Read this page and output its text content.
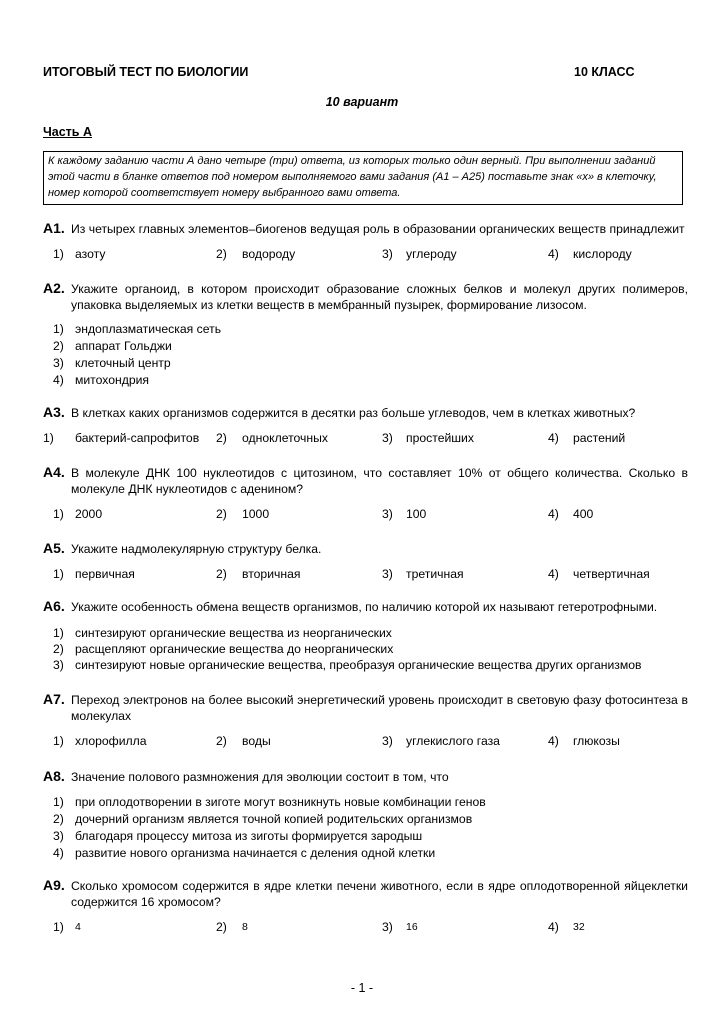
ИТОГОВЫЙ ТЕСТ ПО БИОЛОГИИ	10 КЛАСС
10 вариант
Часть А
К каждому заданию части А дано четыре (три) ответа, из которых только один верный. При выполнении заданий
этой части в бланке ответов под номером выполняемого вами задания (А1 – А25) поставьте знак «x» в клеточку,
номер которой соответствует номеру выбранного вами ответа.
А1. Из четырех главных элементов–биогенов ведущая роль в образовании органических веществ принадлежит
1) азоту	2) водороду	3) углероду	4) кислороду
А2. Укажите органоид, в котором происходит образование сложных белков и молекул других полимеров,
упаковка выделяемых из клетки веществ в мембранный пузырек, формирование лизосом.
1) эндоплазматическая сеть
2) аппарат Гольджи
3) клеточный центр
4) митохондрия
А3. В клетках каких организмов содержится в десятки раз больше углеводов, чем в клетках животных?
1) бактерий-сапрофитов 2) одноклеточных	3) простейших	4) растений
А4. В молекуле ДНК 100 нуклеотидов с цитозином, что составляет 10% от общего количества. Сколько в
молекуле ДНК нуклеотидов с аденином?
1) 2000	2) 1000	3) 100	4) 400
А5. Укажите надмолекулярную структуру белка.
1) первичная	2) вторичная	3) третичная	4) четвертичная
А6. Укажите особенность обмена веществ организмов, по наличию которой их называют гетеротрофными.
1) синтезируют органические вещества из неорганических
2) расщепляют органические вещества до неорганических
3) синтезируют новые органические вещества, преобразуя органические вещества других организмов
А7. Переход электронов на более высокий энергетический уровень происходит в световую фазу фотосинтеза в
молекулах
1) хлорофилла	2) воды	3) углекислого газа	4) глюкозы
А8. Значение полового размножения для эволюции состоит в том, что
1) при оплодотворении в зиготе могут возникнуть новые комбинации генов
2) дочерний организм является точной копией родительских организмов
3) благодаря процессу митоза из зиготы формируется зародыш
4) развитие нового организма начинается с деления одной клетки
А9. Сколько хромосом содержится в ядре клетки печени животного, если в ядре оплодотворенной яйцеклетки
содержится 16 хромосом?
1) 4	2) 8	3) 16	4) 32
- 1 -
